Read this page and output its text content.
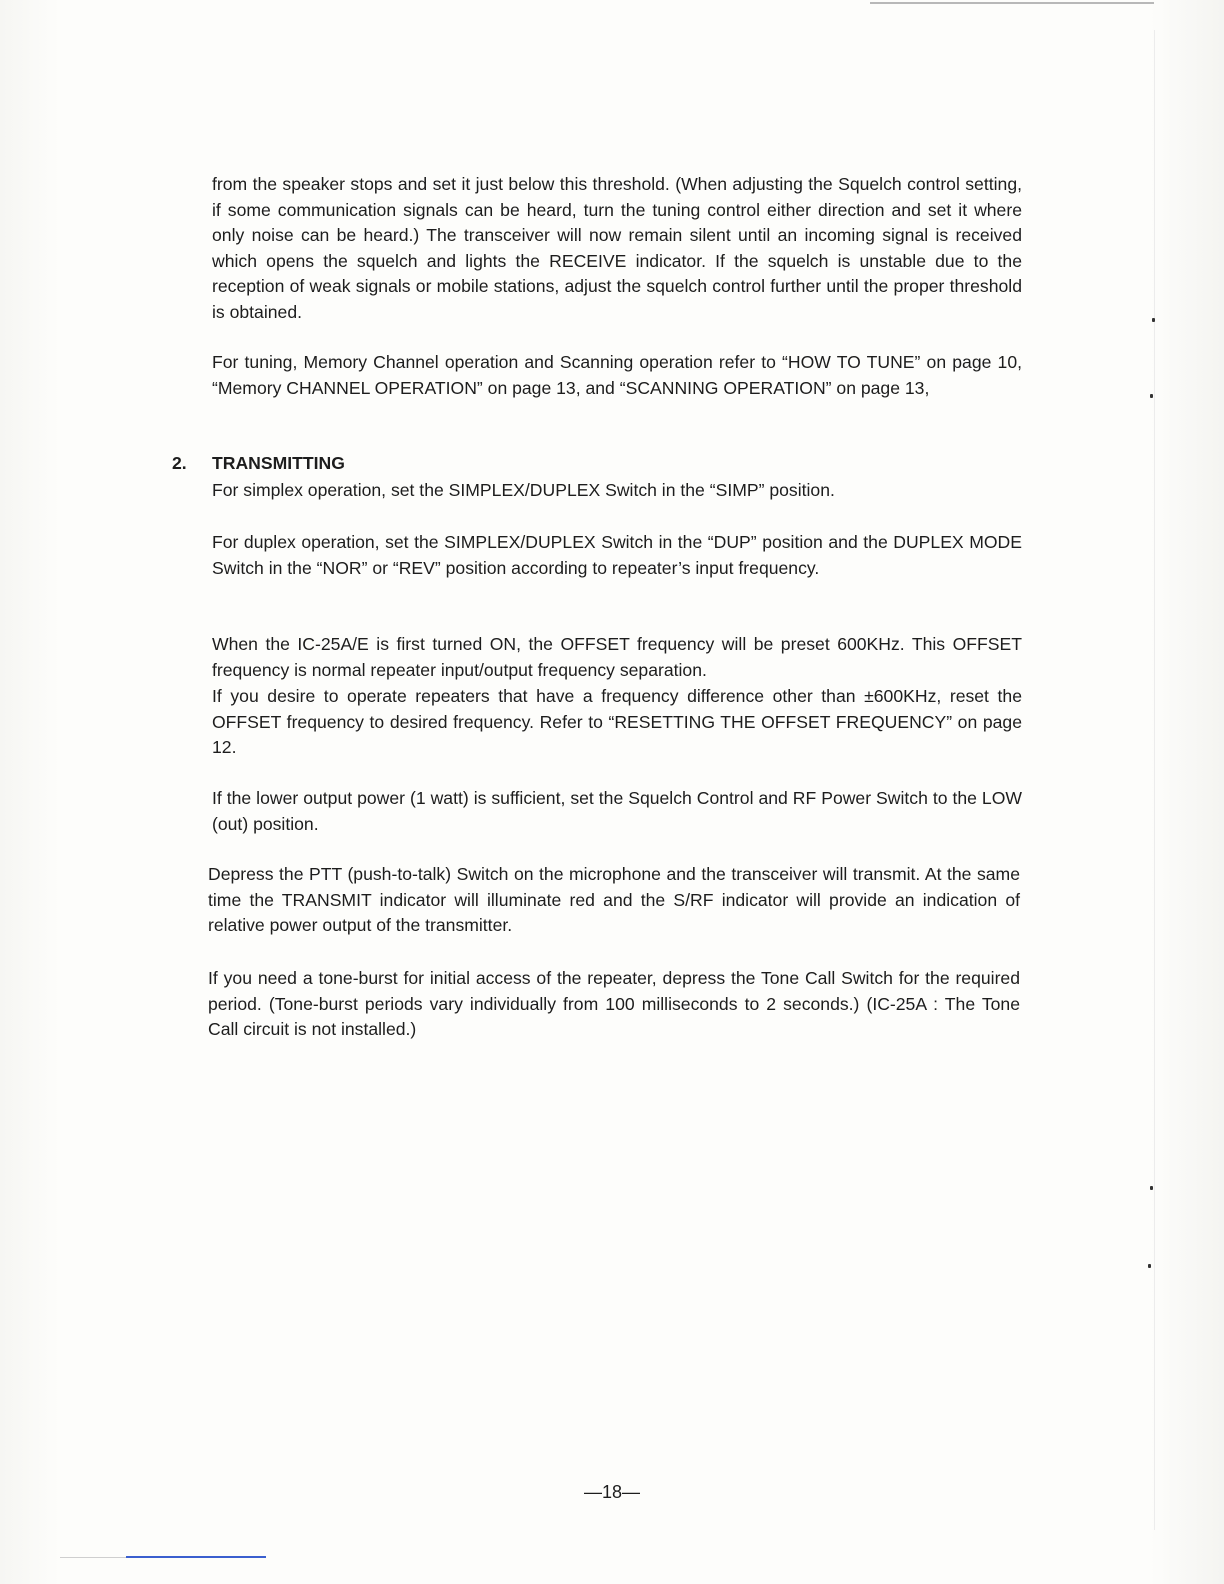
from the speaker stops and set it just below this threshold. (When adjusting the Squelch control setting, if some communication signals can be heard, turn the tuning control either direction and set it where only noise can be heard.) The transceiver will now remain silent until an incoming signal is received which opens the squelch and lights the RECEIVE indicator. If the squelch is unstable due to the reception of weak signals or mobile stations, adjust the squelch control further until the proper threshold is obtained.

For tuning, Memory Channel operation and Scanning operation refer to “HOW TO TUNE” on page 10, “Memory CHANNEL OPERATION” on page 13, and “SCANNING OPERATION” on page 13,

2. TRANSMITTING

For simplex operation, set the SIMPLEX/DUPLEX Switch in the “SIMP” position.

For duplex operation, set the SIMPLEX/DUPLEX Switch in the “DUP” position and the DUPLEX MODE Switch in the “NOR” or “REV” position according to repeater’s input frequency.

When the IC-25A/E is first turned ON, the OFFSET frequency will be preset 600KHz. This OFFSET frequency is normal repeater input/output frequency separation.

If you desire to operate repeaters that have a frequency difference other than ±600KHz, reset the OFFSET frequency to desired frequency. Refer to “RESETTING THE OFFSET FREQUENCY” on page 12.

If the lower output power (1 watt) is sufficient, set the Squelch Control and RF Power Switch to the LOW (out) position.

Depress the PTT (push-to-talk) Switch on the microphone and the transceiver will transmit. At the same time the TRANSMIT indicator will illuminate red and the S/RF indicator will provide an indication of relative power output of the transmitter.

If you need a tone-burst for initial access of the repeater, depress the Tone Call Switch for the required period. (Tone-burst periods vary individually from 100 milliseconds to 2 seconds.) (IC-25A : The Tone Call circuit is not installed.)

—18—
